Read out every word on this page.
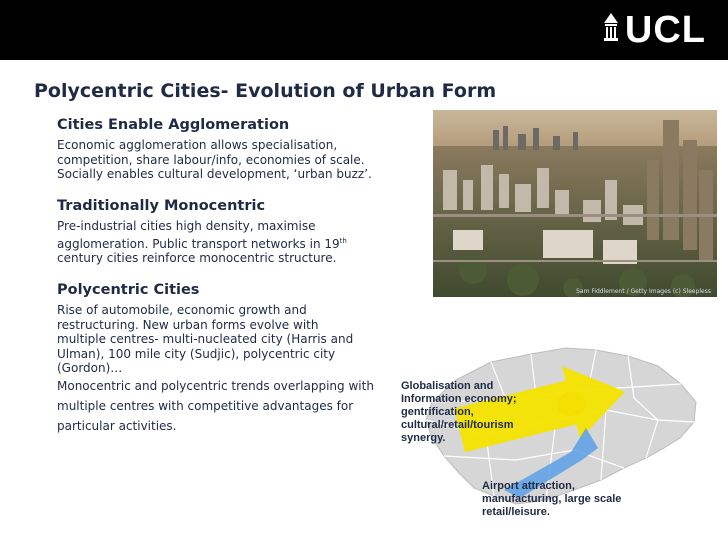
UCL
Polycentric Cities- Evolution of Urban Form
Cities Enable Agglomeration

Economic agglomeration allows specialisation, competition, share labour/info, economies of scale. Socially enables cultural development, ‘urban buzz’.

Traditionally Monocentric

Pre-industrial cities high density, maximise agglomeration. Public transport networks in 19th century cities reinforce monocentric structure.

Polycentric Cities

Rise of automobile, economic growth and restructuring. New urban forms evolve with multiple centres- multi-nucleated city (Harris and Ulman), 100 mile city (Sudjic), polycentric city (Gordon)…

Monocentric and polycentric trends overlapping with multiple centres with competitive advantages for particular activities.
Sam Fiddlement / Getty Images (c) Sleepless
Globalisation and Information economy; gentrification, cultural/retail/tourism synergy.
Airport attraction, manufacturing, large scale retail/leisure.
